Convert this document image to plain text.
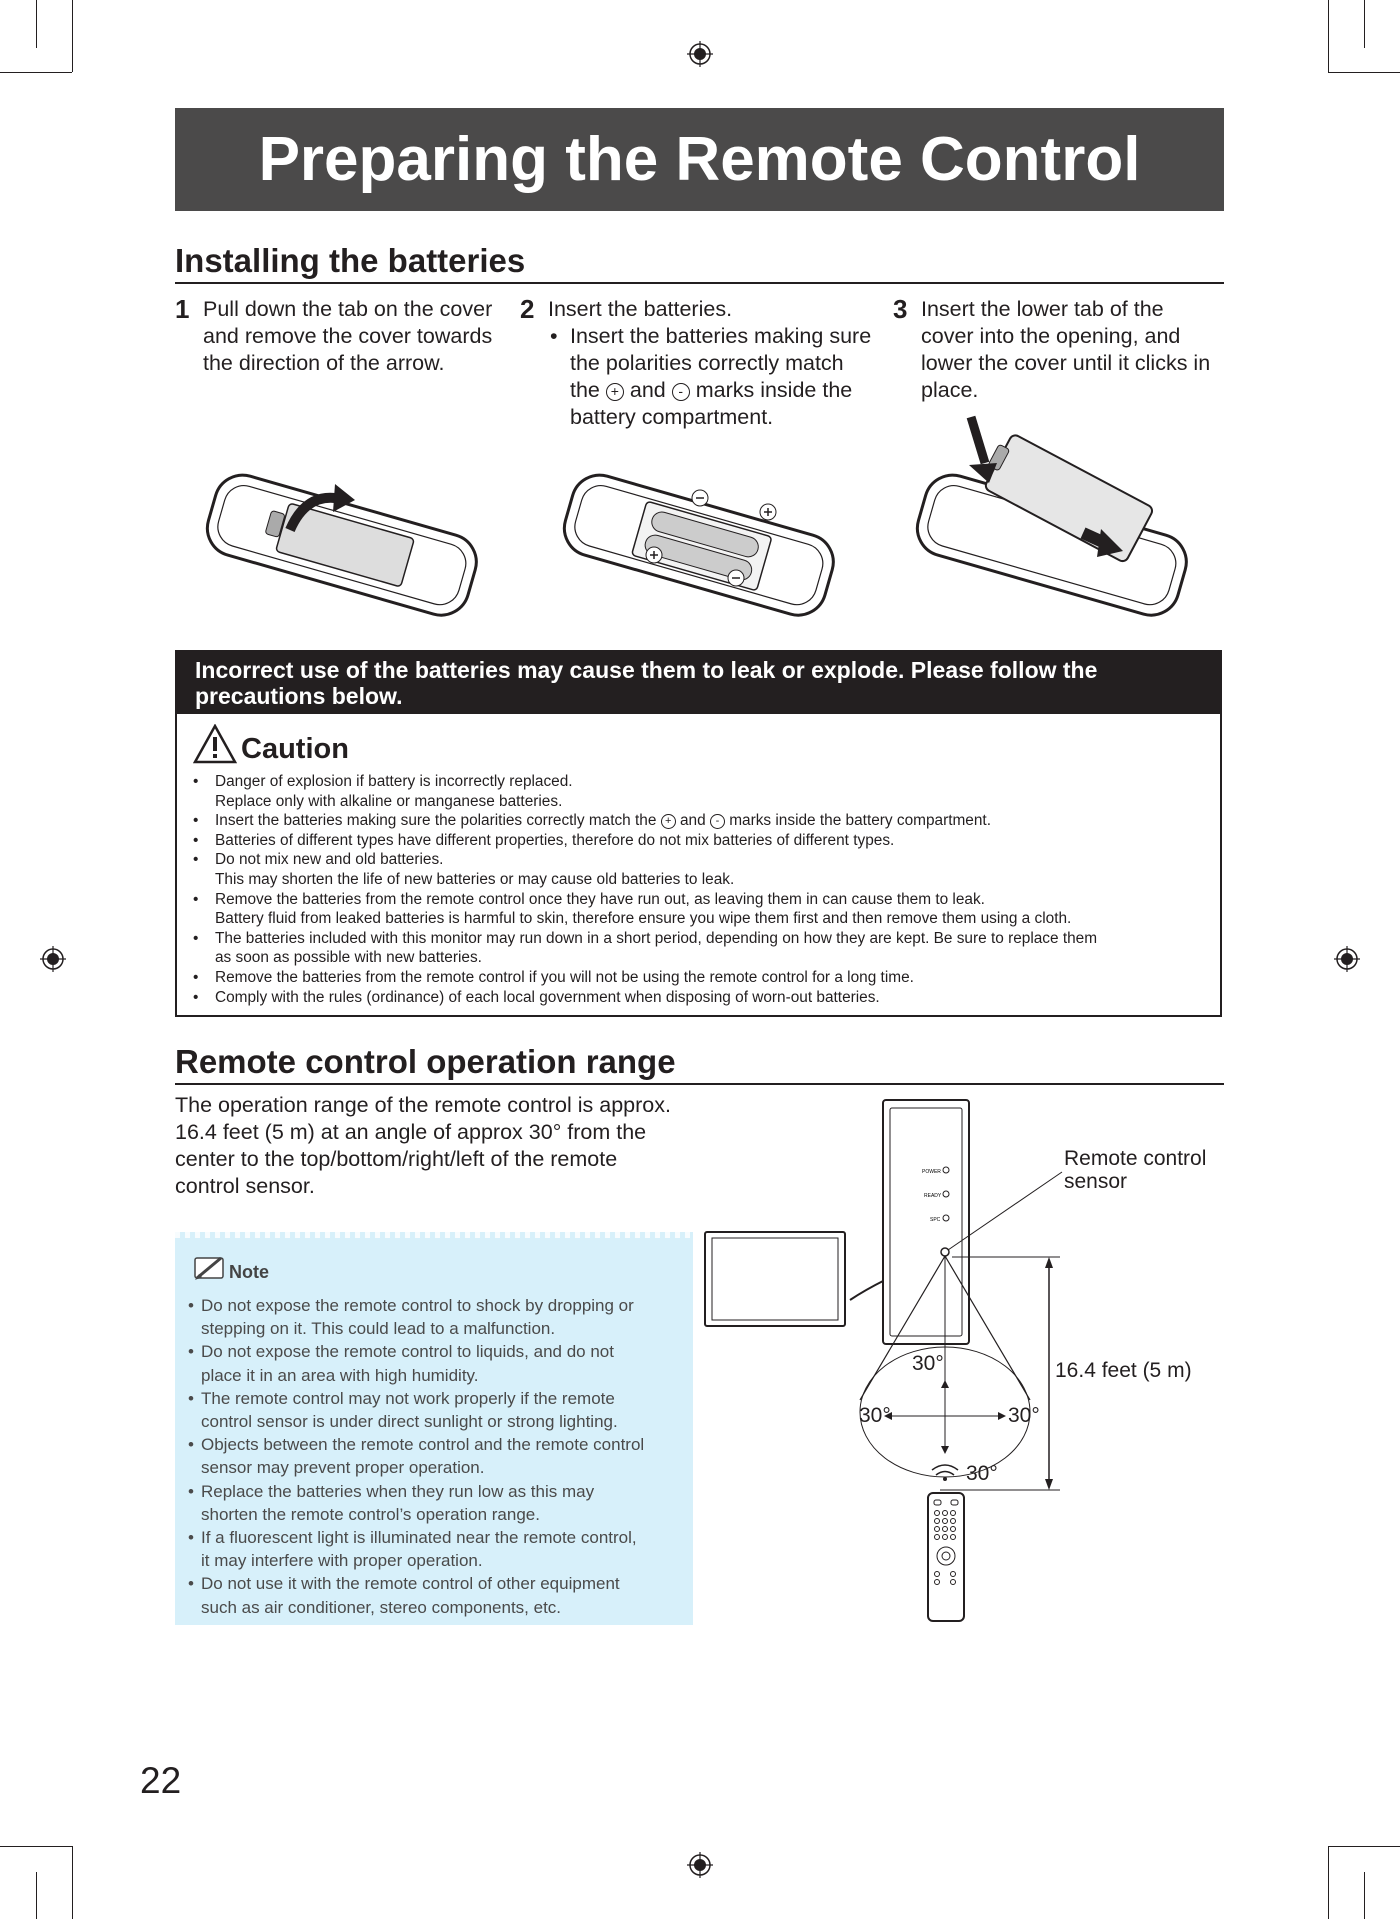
Preparing the Remote Control
Installing the batteries
1 Pull down the tab on the cover
and remove the cover towards
the direction of the arrow.
2 Insert the batteries.
• Insert the batteries making sure
the polarities correctly match
the + and - marks inside the
battery compartment.
3 Insert the lower tab of the
cover into the opening, and
lower the cover until it clicks in
place.
Incorrect use of the batteries may cause them to leak or explode. Please follow the
precautions below.
Caution
• Danger of explosion if battery is incorrectly replaced.
Replace only with alkaline or manganese batteries.
• Insert the batteries making sure the polarities correctly match the + and - marks inside the battery compartment.
• Batteries of different types have different properties, therefore do not mix batteries of different types.
• Do not mix new and old batteries.
This may shorten the life of new batteries or may cause old batteries to leak.
• Remove the batteries from the remote control once they have run out, as leaving them in can cause them to leak.
Battery fluid from leaked batteries is harmful to skin, therefore ensure you wipe them first and then remove them using a cloth.
• The batteries included with this monitor may run down in a short period, depending on how they are kept. Be sure to replace them
as soon as possible with new batteries.
• Remove the batteries from the remote control if you will not be using the remote control for a long time.
• Comply with the rules (ordinance) of each local government when disposing of worn-out batteries.
Remote control operation range
The operation range of the remote control is approx.
16.4 feet (5 m) at an angle of approx 30° from the
center to the top/bottom/right/left of the remote
control sensor.
Note
• Do not expose the remote control to shock by dropping or
stepping on it. This could lead to a malfunction.
• Do not expose the remote control to liquids, and do not
place it in an area with high humidity.
• The remote control may not work properly if the remote
control sensor is under direct sunlight or strong lighting.
• Objects between the remote control and the remote control
sensor may prevent proper operation.
• Replace the batteries when they run low as this may
shorten the remote control’s operation range.
• If a fluorescent light is illuminated near the remote control,
it may interfere with proper operation.
• Do not use it with the remote control of other equipment
such as air conditioner, stereo components, etc.
POWER
READY
SPC
Remote control
sensor
16.4 feet (5 m)
30°
30°	30°
30°
22
